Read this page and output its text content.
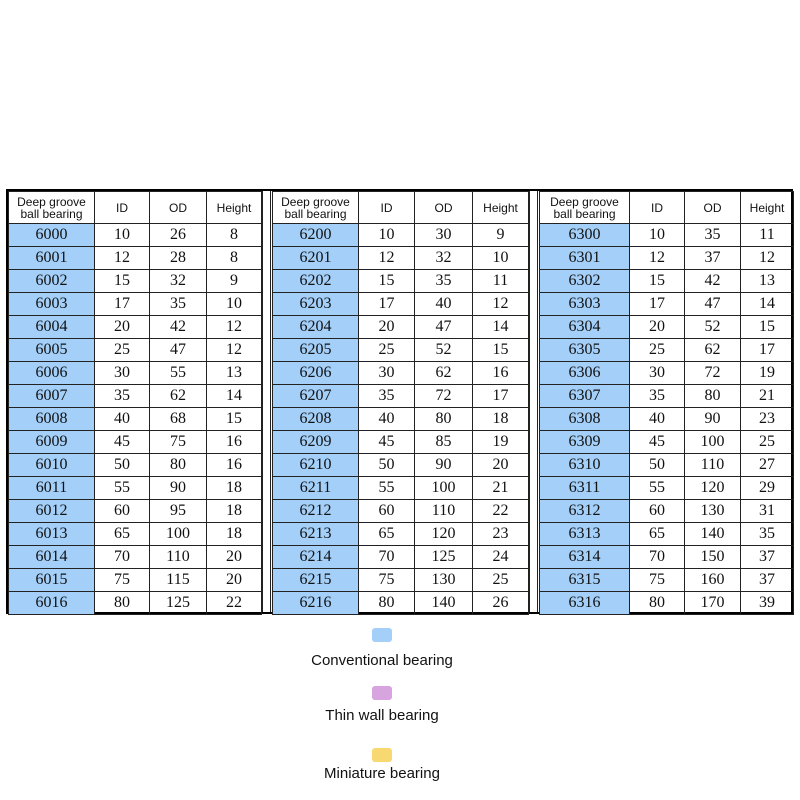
Deep groove ball bearing	ID	OD	Height
6000	10	26	8
6001	12	28	8
6002	15	32	9
6003	17	35	10
6004	20	42	12
6005	25	47	12
6006	30	55	13
6007	35	62	14
6008	40	68	15
6009	45	75	16
6010	50	80	16
6011	55	90	18
6012	60	95	18
6013	65	100	18
6014	70	110	20
6015	75	115	20
6016	80	125	22
Deep groove ball bearing	ID	OD	Height
6200	10	30	9
6201	12	32	10
6202	15	35	11
6203	17	40	12
6204	20	47	14
6205	25	52	15
6206	30	62	16
6207	35	72	17
6208	40	80	18
6209	45	85	19
6210	50	90	20
6211	55	100	21
6212	60	110	22
6213	65	120	23
6214	70	125	24
6215	75	130	25
6216	80	140	26
Deep groove ball bearing	ID	OD	Height
6300	10	35	11
6301	12	37	12
6302	15	42	13
6303	17	47	14
6304	20	52	15
6305	25	62	17
6306	30	72	19
6307	35	80	21
6308	40	90	23
6309	45	100	25
6310	50	110	27
6311	55	120	29
6312	60	130	31
6313	65	140	35
6314	70	150	37
6315	75	160	37
6316	80	170	39
Conventional bearing
Thin wall bearing
Miniature bearing
